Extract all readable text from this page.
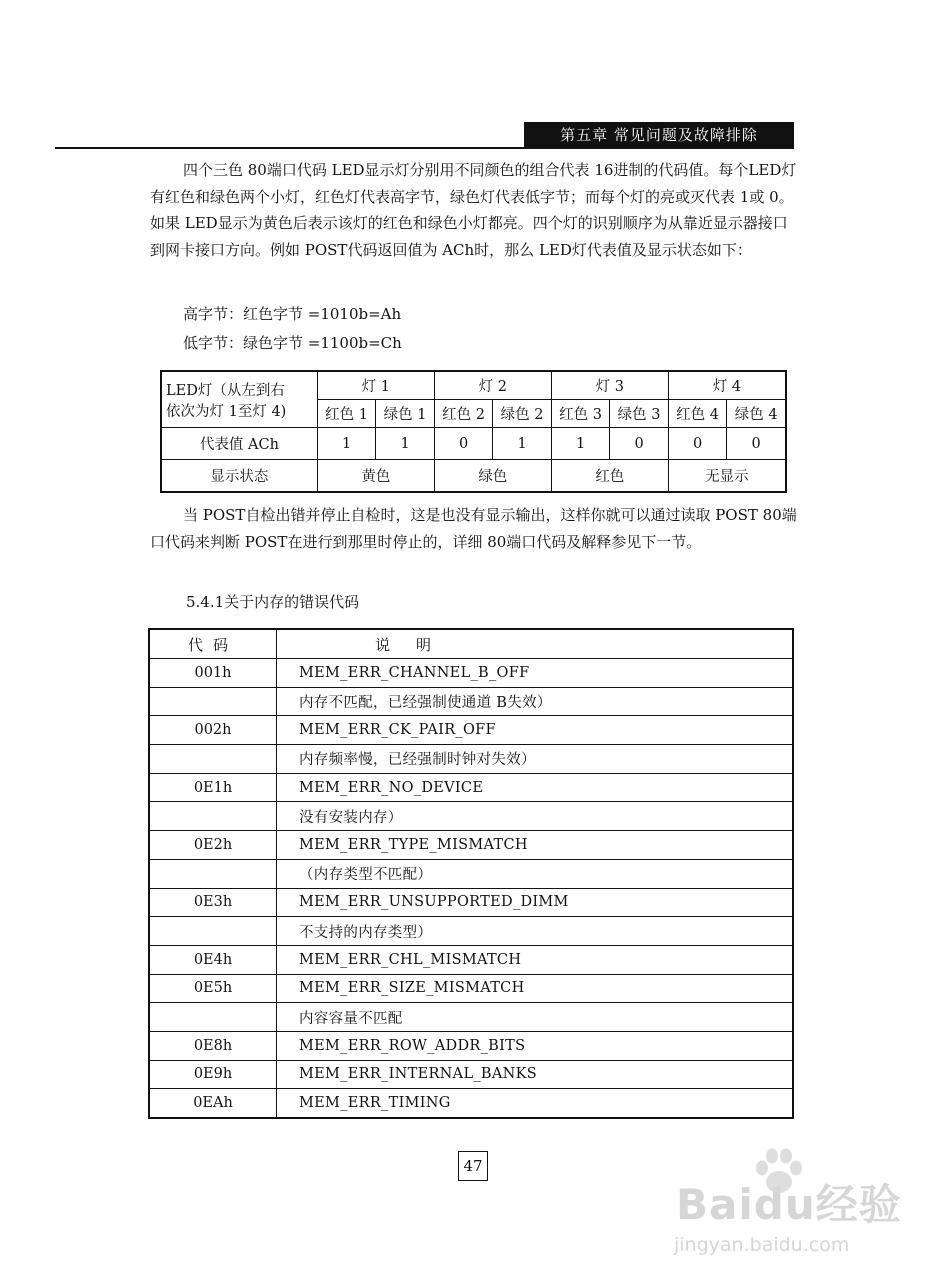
第五章 常见问题及故障排除

四个三色 80端口代码 LED显示灯分别用不同颜色的组合代表 16进制的代码值。每个LED灯有红色和绿色两个小灯，红色灯代表高字节，绿色灯代表低字节；而每个灯的亮或灭代表 1或 0。如果 LED显示为黄色后表示该灯的红色和绿色小灯都亮。四个灯的识别顺序为从靠近显示器接口到网卡接口方向。例如 POST代码返回值为 ACh时，那么 LED灯代表值及显示状态如下：

高字节：红色字节 =1010b=Ah
低字节：绿色字节 =1100b=Ch
LED灯（从左到右
依次为灯 1至灯 4)	灯 1		灯 2		灯 3		灯 4	
	红色 1	绿色 1	红色 2	绿色 2	红色 3	绿色 3	红色 4	绿色 4
代表值 ACh	1	1	0	1	1	0	0	0
显示状态	黄色		绿色		红色		无显示	

当 POST自检出错并停止自检时，这是也没有显示输出，这样你就可以通过读取 POST 80端口代码来判断 POST在进行到那里时停止的，详细 80端口代码及解释参见下一节。

5.4.1关于内存的错误代码
代码	说明
001h	MEM_ERR_CHANNEL_B_OFF
	内存不匹配，已经强制使通道 B失效）
002h	MEM_ERR_CK_PAIR_OFF
	内存频率慢，已经强制时钟对失效）
0E1h	MEM_ERR_NO_DEVICE
	没有安装内存）
0E2h	MEM_ERR_TYPE_MISMATCH
	（内存类型不匹配）
0E3h	MEM_ERR_UNSUPPORTED_DIMM
	不支持的内存类型）
0E4h	MEM_ERR_CHL_MISMATCH
0E5h	MEM_ERR_SIZE_MISMATCH
	内容容量不匹配
0E8h	MEM_ERR_ROW_ADDR_BITS
0E9h	MEM_ERR_INTERNAL_BANKS
0EAh	MEM_ERR_TIMING
47
Baidu经验
jingyan.baidu.com
